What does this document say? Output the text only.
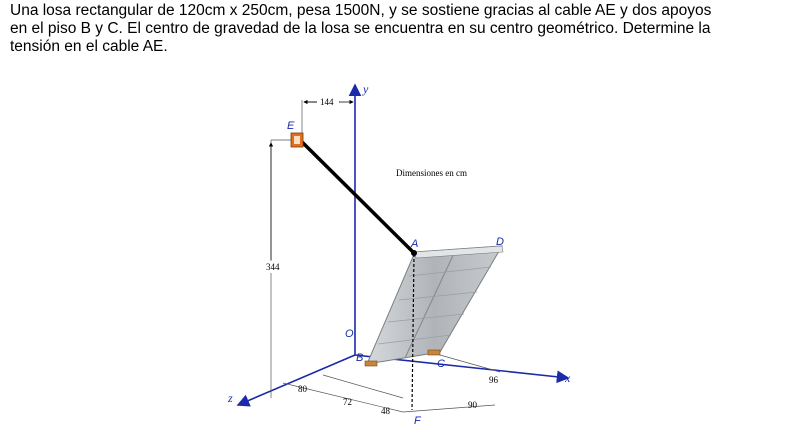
Una losa rectangular de 120cm x 250cm, pesa 1500N, y se sostiene gracias al cable AE y dos apoyos

en el piso B y C. El centro de gravedad de la losa se encuentra en su centro geométrico. Determine la

tensión en el cable AE.

y
x
z
144
344
80
72
48
90
96
E
A	D
O
B	C
F
Dimensiones en cm
